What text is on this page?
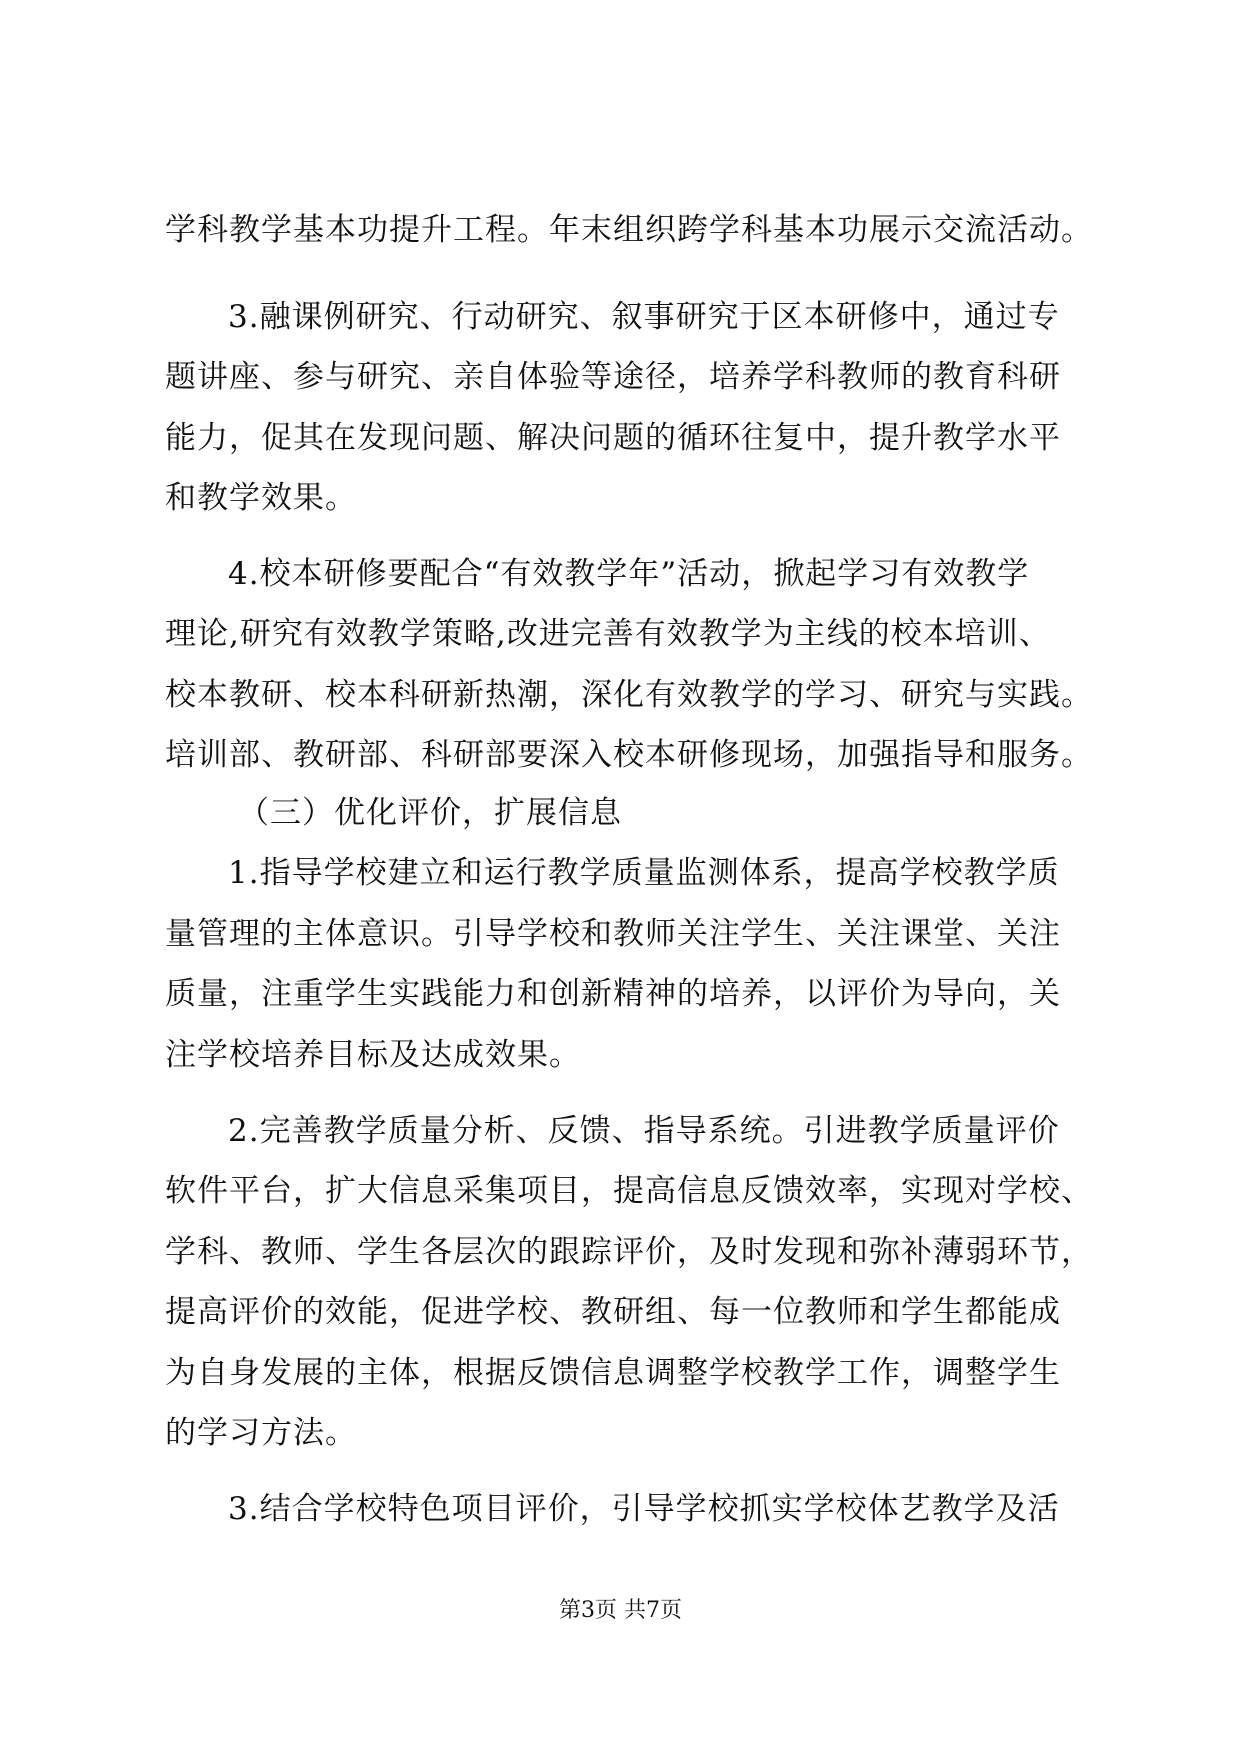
学科教学基本功提升工程。年末组织跨学科基本功展示交流活动。
3.融课例研究、行动研究、叙事研究于区本研修中，通过专
题讲座、参与研究、亲自体验等途径，培养学科教师的教育科研
能力，促其在发现问题、解决问题的循环往复中，提升教学水平
和教学效果。
4.校本研修要配合“有效教学年”活动，掀起学习有效教学
理论,研究有效教学策略,改进完善有效教学为主线的校本培训、
校本教研、校本科研新热潮，深化有效教学的学习、研究与实践。
培训部、教研部、科研部要深入校本研修现场，加强指导和服务。
（三）优化评价，扩展信息
1.指导学校建立和运行教学质量监测体系，提高学校教学质
量管理的主体意识。引导学校和教师关注学生、关注课堂、关注
质量，注重学生实践能力和创新精神的培养，以评价为导向，关
注学校培养目标及达成效果。
2.完善教学质量分析、反馈、指导系统。引进教学质量评价
软件平台，扩大信息采集项目，提高信息反馈效率，实现对学校、
学科、教师、学生各层次的跟踪评价，及时发现和弥补薄弱环节，
提高评价的效能，促进学校、教研组、每一位教师和学生都能成
为自身发展的主体，根据反馈信息调整学校教学工作，调整学生
的学习方法。
3.结合学校特色项目评价，引导学校抓实学校体艺教学及活
第3页 共7页
